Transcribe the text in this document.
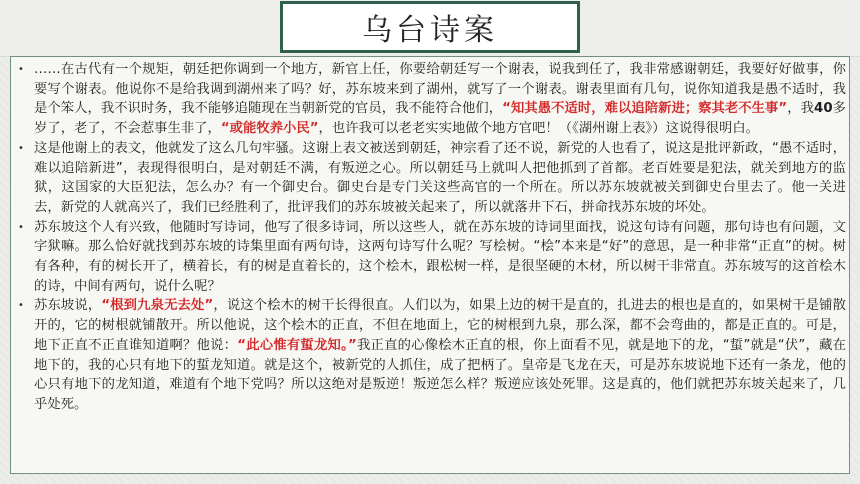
乌台诗案
• ……在古代有一个规矩，朝廷把你调到一个地方，新官上任，你要给朝廷写一个谢表，说我到任了，我非常感谢朝廷，我要好好做事，你要写个谢表。他说你不是给我调到湖州来了吗？好，苏东坡来到了湖州，就写了一个谢表。谢表里面有几句，说你知道我是愚不适时，我是个笨人，我不识时务，我不能够追随现在当朝新党的官员，我不能符合他们，“知其愚不适时，难以追陪新进；察其老不生事”，我40多岁了，老了，不会惹事生非了，“或能牧养小民”，也许我可以老老实实地做个地方官吧！（《湖州谢上表》）这说得很明白。
• 这是他谢上的表文，他就发了这么几句牢骚。这谢上表文被送到朝廷，神宗看了还不说，新党的人也看了，说这是批评新政，“愚不适时，难以追陪新进”，表现得很明白，是对朝廷不满，有叛逆之心。所以朝廷马上就叫人把他抓到了首都。老百姓要是犯法，就关到地方的监狱，这国家的大臣犯法，怎么办？有一个御史台。御史台是专门关这些高官的一个所在。所以苏东坡就被关到御史台里去了。他一关进去，新党的人就高兴了，我们已经胜利了，批评我们的苏东坡被关起来了，所以就落井下石，拼命找苏东坡的坏处。
• 苏东坡这个人有兴致，他随时写诗词，他写了很多诗词，所以这些人，就在苏东坡的诗词里面找，说这句诗有问题，那句诗也有问题，文字狱嘛。那么恰好就找到苏东坡的诗集里面有两句诗，这两句诗写什么呢？写桧树。“桧”本来是“好”的意思，是一种非常“正直”的树。树有各种，有的树长开了，横着长，有的树是直着长的，这个桧木，跟松树一样，是很坚硬的木材，所以树干非常直。苏东坡写的这首桧木的诗，中间有两句，说什么呢？
• 苏东坡说，“根到九泉无去处”，说这个桧木的树干长得很直。人们以为，如果上边的树干是直的，扎进去的根也是直的，如果树干是铺散开的，它的树根就铺散开。所以他说，这个桧木的正直，不但在地面上，它的树根到九泉，那么深，都不会弯曲的，都是正直的。可是，地下正直不正直谁知道啊？他说：“此心惟有蜇龙知。”我正直的心像桧木正直的根，你上面看不见，就是地下的龙，“蜇”就是“伏”，藏在地下的，我的心只有地下的蜇龙知道。就是这个，被新党的人抓住，成了把柄了。皇帝是飞龙在天，可是苏东坡说地下还有一条龙，他的心只有地下的龙知道，难道有个地下党吗？所以这绝对是叛逆！叛逆怎么样？叛逆应该处死罪。这是真的，他们就把苏东坡关起来了，几乎处死。
